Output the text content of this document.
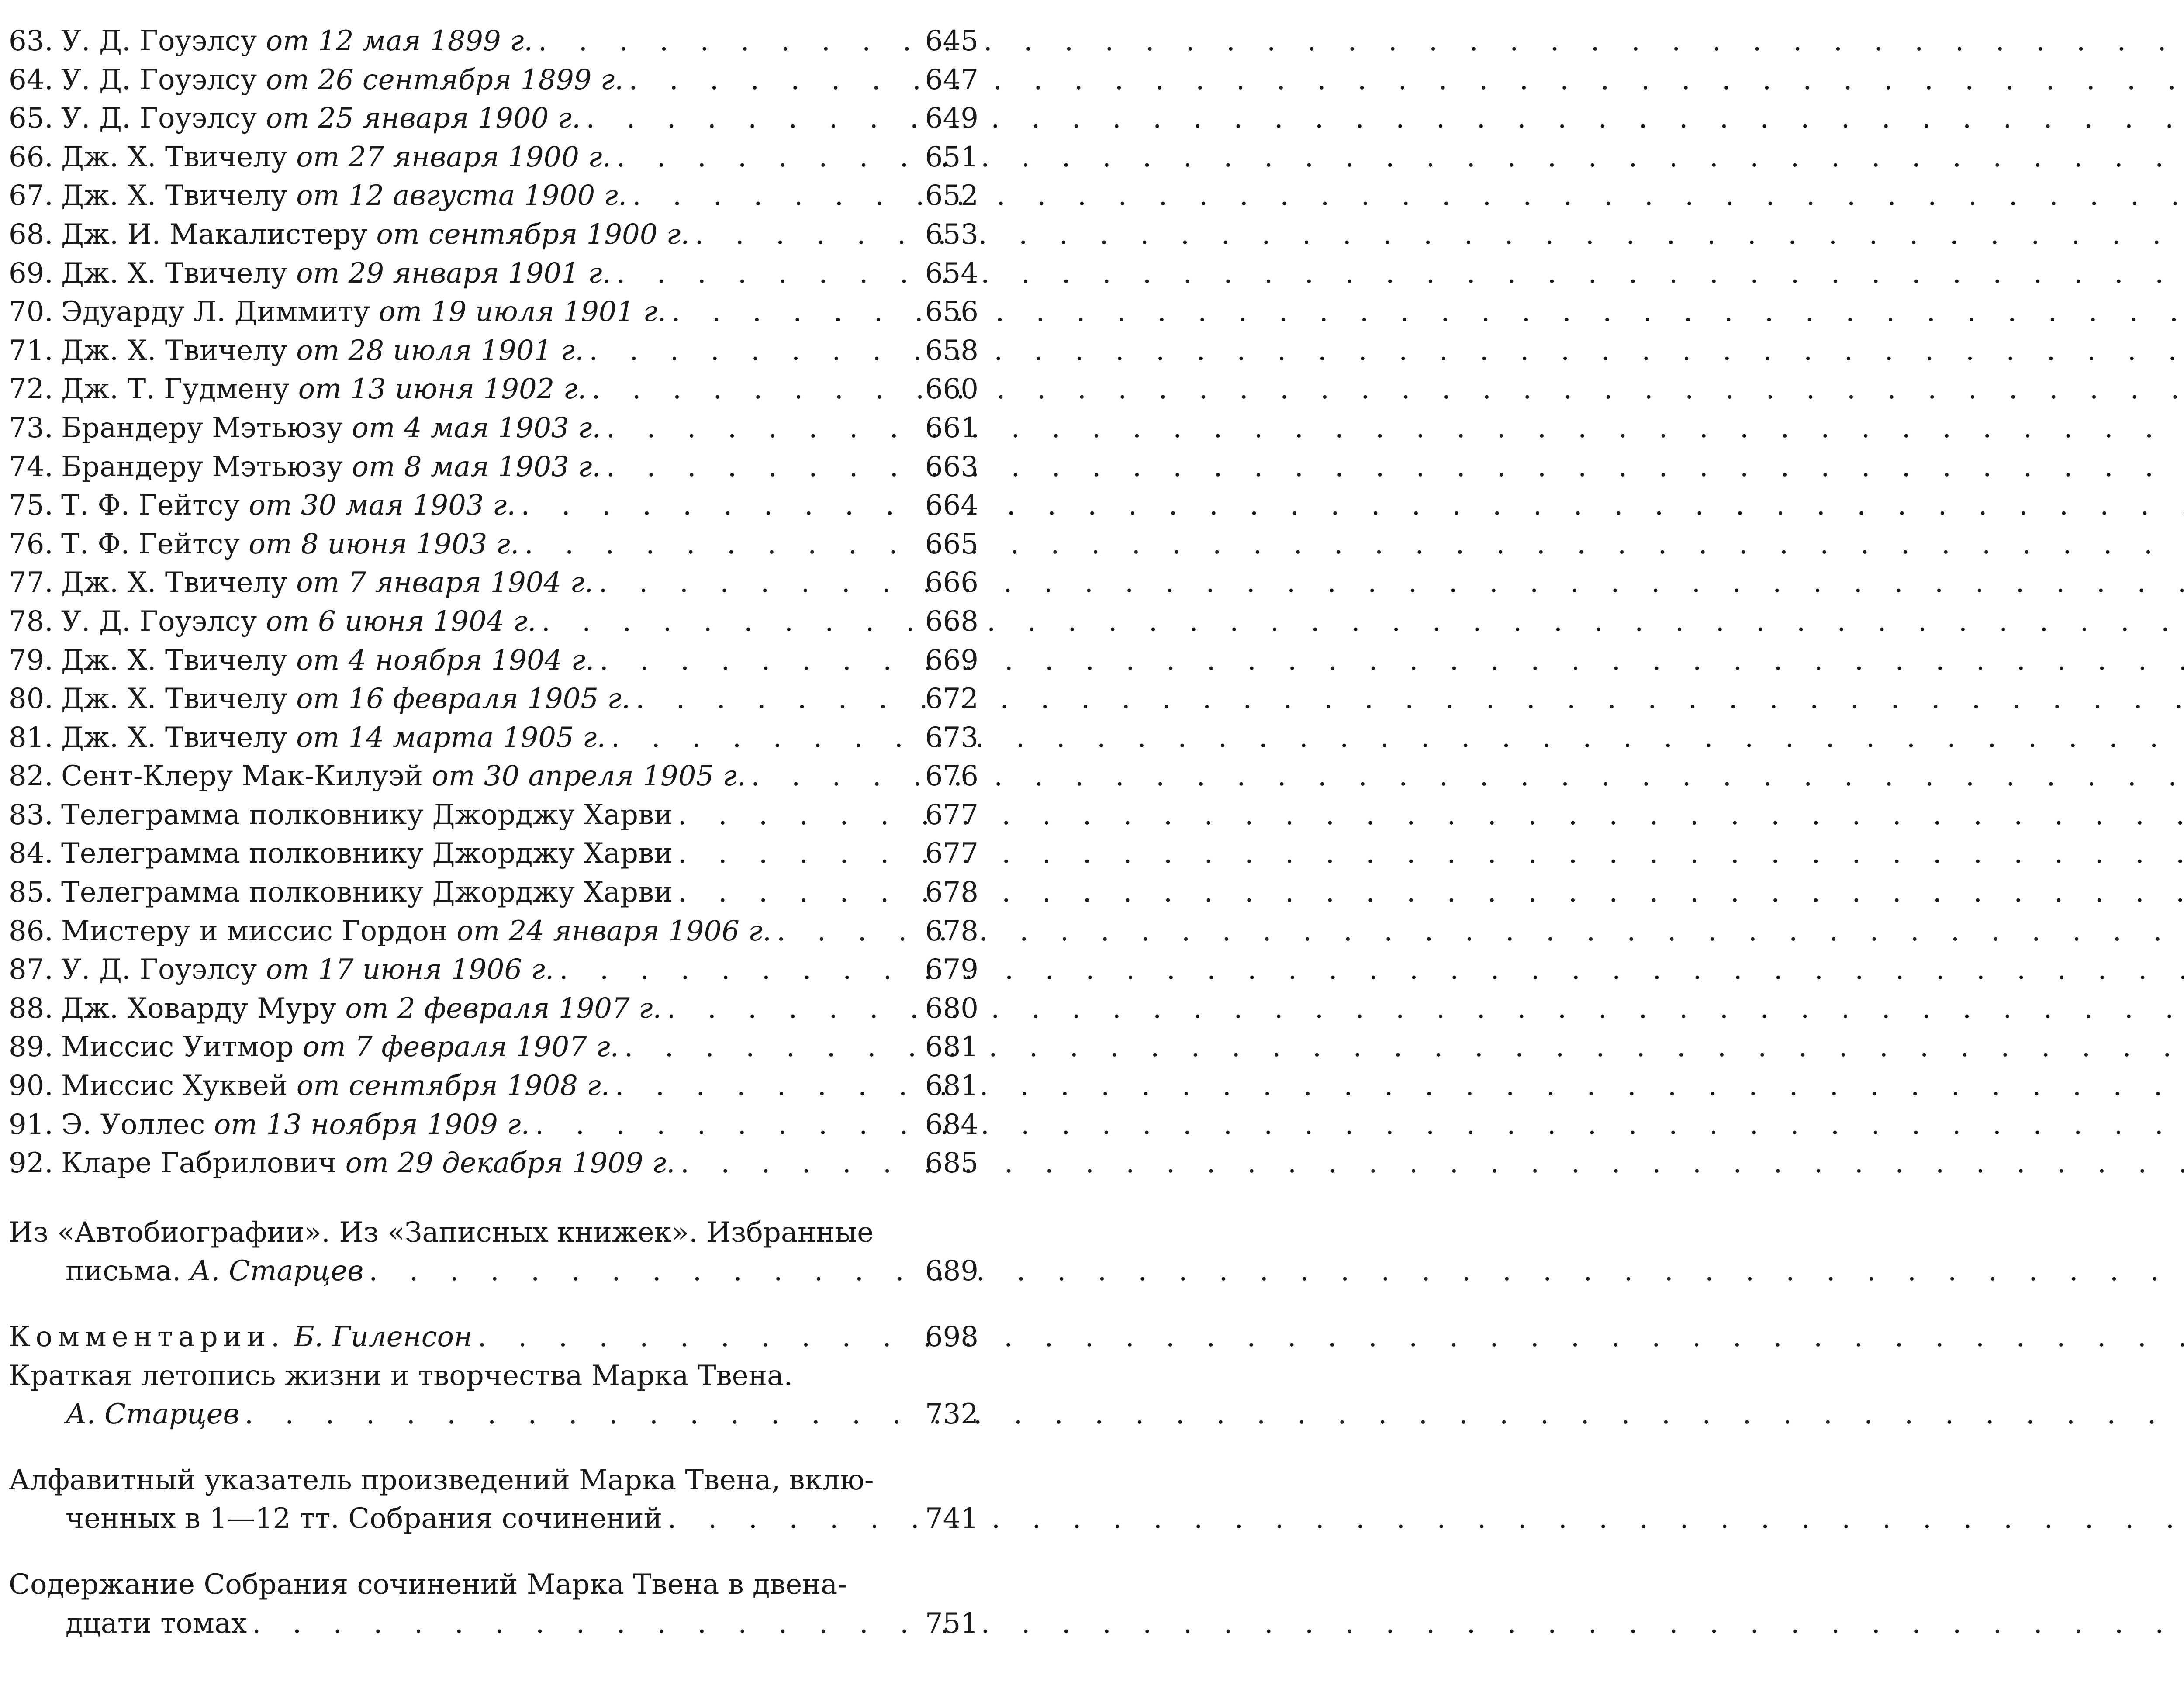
63. У. Д. Гоуэлсу от 12 мая 1899 г. . . .	645
64. У. Д. Гоуэлсу от 26 сентября 1899 г. . . .	647
65. У. Д. Гоуэлсу от 25 января 1900 г. . . .	649
66. Дж. Х. Твичелу от 27 января 1900 г. . . .	651
67. Дж. Х. Твичелу от 12 августа 1900 г. . . .	652
68. Дж. И. Макалистеру от сентября 1900 г. . . .	653
69. Дж. Х. Твичелу от 29 января 1901 г. . . .	654
70. Эдуарду Л. Диммиту от 19 июля 1901 г. . . .	656
71. Дж. Х. Твичелу от 28 июля 1901 г. . . .	658
72. Дж. Т. Гудмену от 13 июня 1902 г. . . .	660
73. Брандеру Мэтьюзу от 4 мая 1903 г. . . .	661
74. Брандеру Мэтьюзу от 8 мая 1903 г. . . .	663
75. Т. Ф. Гейтсу от 30 мая 1903 г. . . .	664
76. Т. Ф. Гейтсу от 8 июня 1903 г. . . .	665
77. Дж. Х. Твичелу от 7 января 1904 г. . . .	666
78. У. Д. Гоуэлсу от 6 июня 1904 г. . . .	668
79. Дж. Х. Твичелу от 4 ноября 1904 г. . . .	669
80. Дж. Х. Твичелу от 16 февраля 1905 г. . . .	672
81. Дж. Х. Твичелу от 14 марта 1905 г. . . .	673
82. Сент-Клеру Мак-Килуэй от 30 апреля 1905 г. . . .	676
83. Телеграмма полковнику Джорджу Харви . . .	677
84. Телеграмма полковнику Джорджу Харви . . .	677
85. Телеграмма полковнику Джорджу Харви . . .	678
86. Мистеру и миссис Гордон от 24 января 1906 г. . . .	678
87. У. Д. Гоуэлсу от 17 июня 1906 г. . . .	679
88. Дж. Ховарду Муру от 2 февраля 1907 г. . . .	680
89. Миссис Уитмор от 7 февраля 1907 г. . . .	681
90. Миссис Хуквей от сентября 1908 г. . . .	681
91. Э. Уоллес от 13 ноября 1909 г. . . .	684
92. Кларе Габрилович от 29 декабря 1909 г. . . .	685
Из «Автобиографии». Из «Записных книжек». Избранные
письма. А. Старцев . . .	689
Комментарии. Б. Гиленсон . . .	698
Краткая летопись жизни и творчества Марка Твена.
А. Старцев . . .	732
Алфавитный указатель произведений Марка Твена, вклю-
ченных в 1—12 тт. Собрания сочинений . . .	741
Содержание Собрания сочинений Марка Твена в двена-
дцати томах . . .	751
